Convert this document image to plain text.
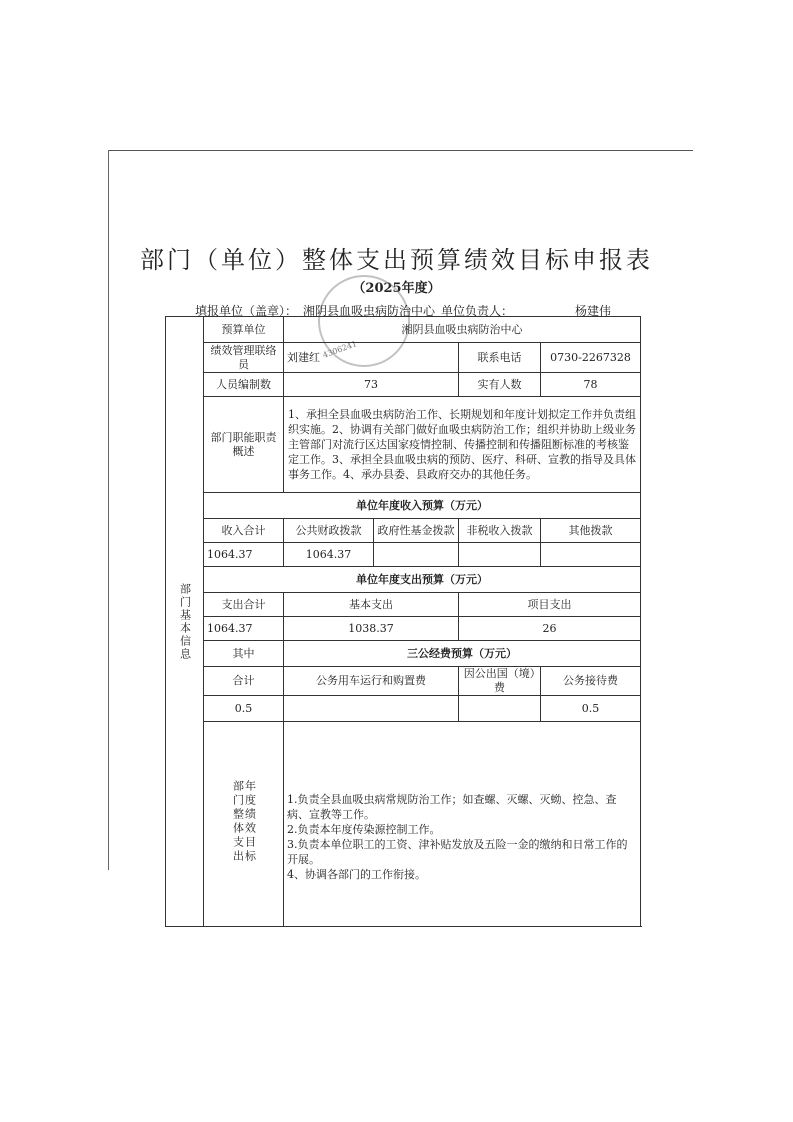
部门（单位）整体支出预算绩效目标申报表
（2025年度）
4306241
填报单位（盖章）： 湘阴县血吸虫病防治中心 单位负责人：	杨建伟
部门基本信息	预算单位	湘阴县血吸虫病防治中心			
	绩效管理联络员	刘建红		联系电话	0730-2267328
	人员编制数	73		实有人数	78
	部门职能职责概述	1、承担全县血吸虫病防治工作、长期规划和年度计划拟定工作并负责组织实施。2、协调有关部门做好血吸虫病防治工作；组织并协助上级业务主管部门对流行区达国家疫情控制、传播控制和传播阻断标准的考核鉴定工作。3、承担全县血吸虫病的预防、医疗、科研、宣教的指导及具体事务工作。4、承办县委、县政府交办的其他任务。			
	单位年度收入预算（万元）				
	收入合计	公共财政拨款	政府性基金拨款	非税收入拨款	其他拨款
	1064.37	1064.37			
	单位年度支出预算（万元）				
	支出合计	基本支出		项目支出	
	1064.37	1038.37		26	
	其中	三公经费预算（万元）			
	合计	公务用车运行和购置费		因公出国（境）费	公务接待费
	0.5				0.5
	部门整体支出年度绩效目标	1.负责全县血吸虫病常规防治工作；如查螺、灭螺、灭蚴、控急、查病、宣教等工作。
2.负责本年度传染源控制工作。
3.负责本单位职工的工资、津补贴发放及五险一金的缴纳和日常工作的开展。
4、协调各部门的工作衔接。			
